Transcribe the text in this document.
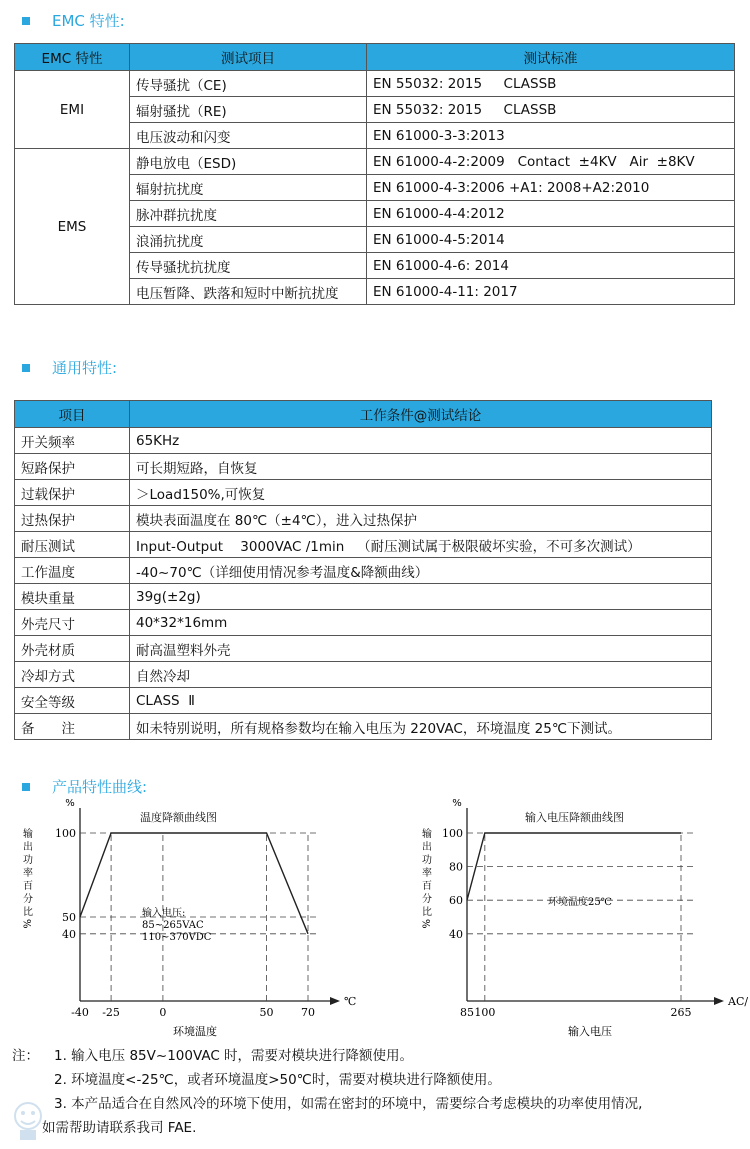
EMC 特性:
EMC 特性	测试项目	测试标准
EMI	传导骚扰（CE)	EN 55032: 2015     CLASSB
	辐射骚扰（RE)	EN 55032: 2015     CLASSB
	电压波动和闪变	EN 61000-3-3:2013
EMS	静电放电（ESD)	EN 61000-4-2:2009   Contact  ±4KV   Air  ±8KV
	辐射抗扰度	EN 61000-4-3:2006 +A1: 2008+A2:2010
	脉冲群抗扰度	EN 61000-4-4:2012
	浪涌抗扰度	EN 61000-4-5:2014
	传导骚扰抗扰度	EN 61000-4-6: 2014
	电压暂降、跌落和短时中断抗扰度	EN 61000-4-11: 2017
通用特性:
项目	工作条件@测试结论
开关频率	65KHz
短路保护	可长期短路，自恢复
过载保护	＞Load150%,可恢复
过热保护	模块表面温度在 80℃（±4℃），进入过热保护
耐压测试	Input-Output    3000VAC /1min   （耐压测试属于极限破坏实验，不可多次测试）
工作温度	-40~70℃（详细使用情况参考温度&降额曲线）
模块重量	39g(±2g)
外壳尺寸	40*32*16mm
外壳材质	耐高温塑料外壳
冷却方式	自然冷却
安全等级	CLASS  Ⅱ
备　　注	如未特别说明，所有规格参数均在输入电压为 220VAC，环境温度 25℃下测试。
产品特性曲线:
温度降额曲线图
40
50
100
-40 -25	0	50 70
%
℃
输出功率百分比%
环境温度
输入电压:
85~265VAC
110~370VDC
输入电压降额曲线图
40
60
80
100
85 100	265
%
AC/
输出功率百分比%
输入电压
环境温度25℃
注：	1. 输入电压 85V~100VAC 时，需要对模块进行降额使用。
2. 环境温度<-25℃，或者环境温度>50℃时，需要对模块进行降额使用。
3. 本产品适合在自然风冷的环境下使用，如需在密封的环境中，需要综合考虑模块的功率使用情况,
如需帮助请联系我司 FAE.
